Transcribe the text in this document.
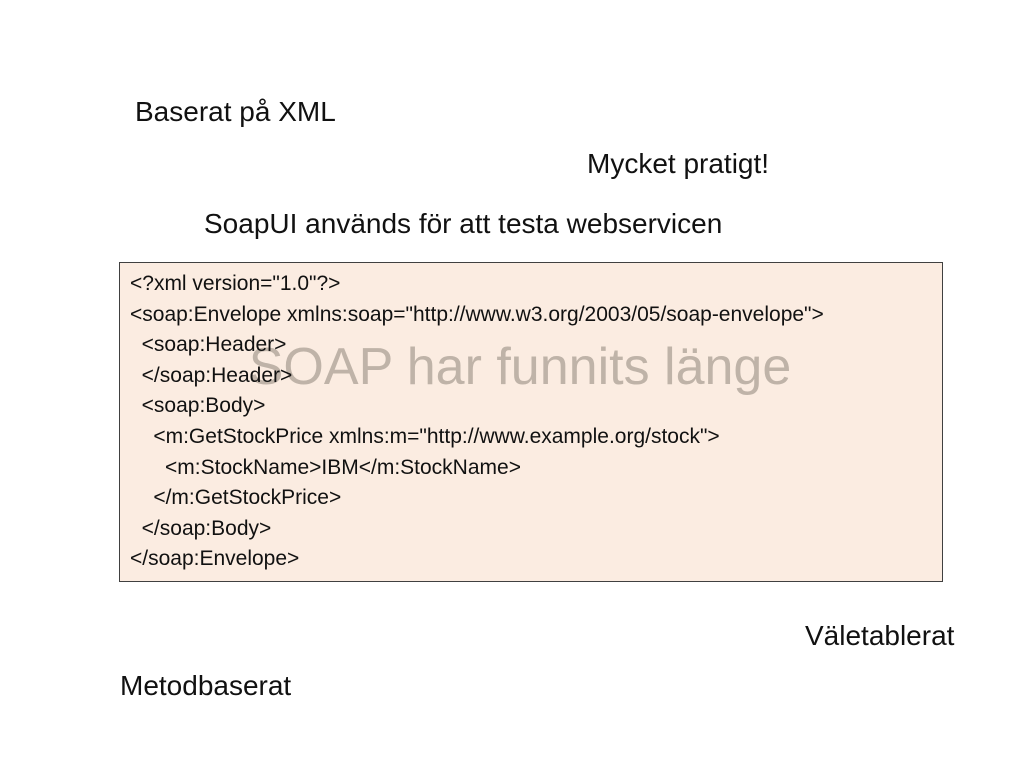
Baserat på XML
Mycket pratigt!
SoapUI används för att testa webservicen
SOAP har funnits länge
<?xml version="1.0"?>
<soap:Envelope xmlns:soap="http://www.w3.org/2003/05/soap-envelope">
<soap:Header>
</soap:Header>
<soap:Body>
<m:GetStockPrice xmlns:m="http://www.example.org/stock">
<m:StockName>IBM</m:StockName>
</m:GetStockPrice>
</soap:Body>
</soap:Envelope>
Väletablerat
Metodbaserat
